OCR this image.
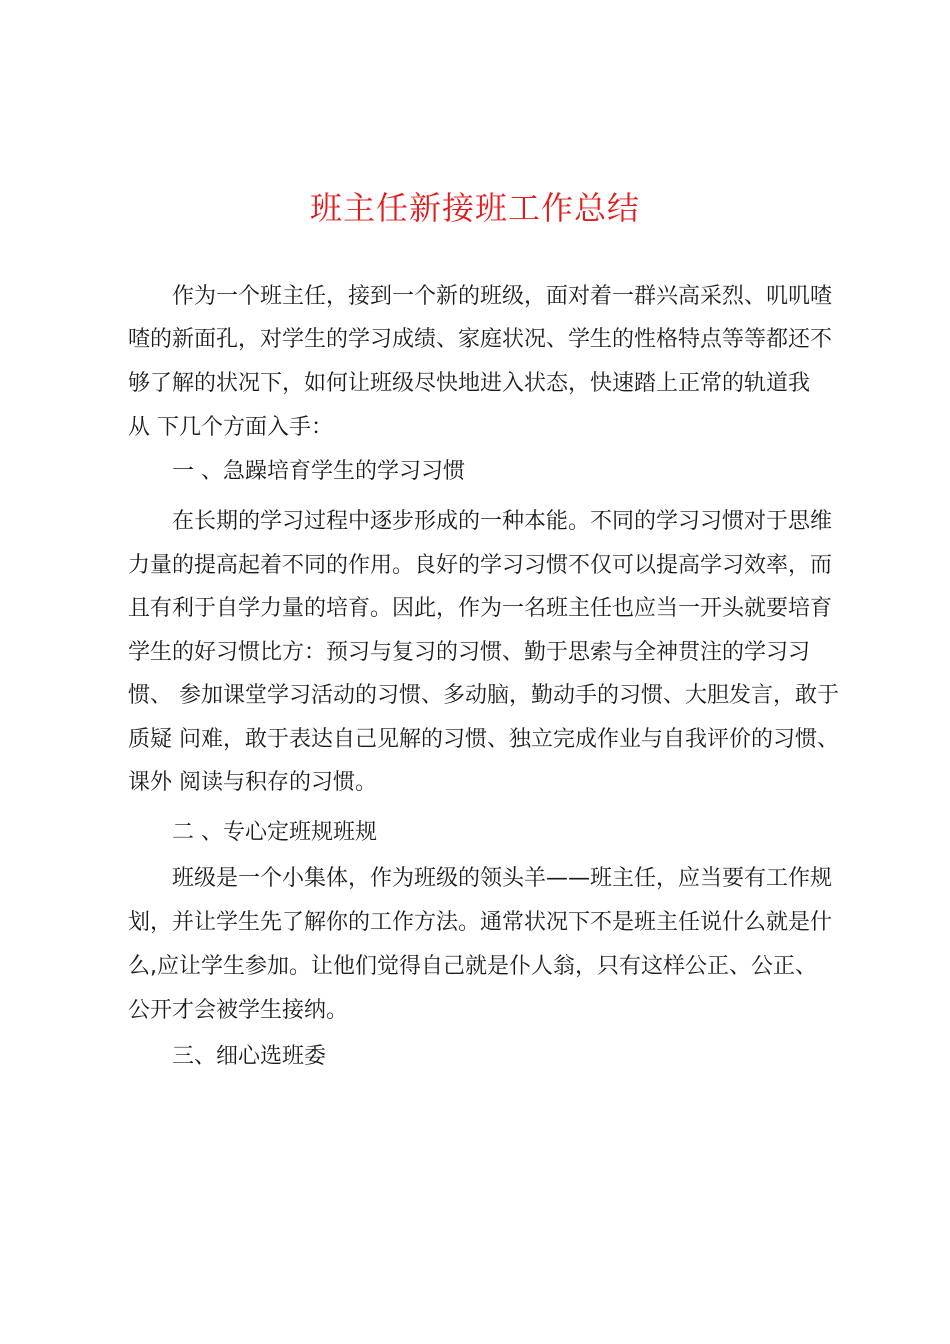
班主任新接班工作总结
作为一个班主任，接到一个新的班级，面对着一群兴高采烈、叽叽喳
喳的新面孔，对学生的学习成绩、家庭状况、学生的性格特点等等都还不
够了解的状况下，如何让班级尽快地进入状态，快速踏上正常的轨道我
从 下几个方面入手：
一 、急躁培育学生的学习习惯
在长期的学习过程中逐步形成的一种本能。不同的学习习惯对于思维
力量的提高起着不同的作用。良好的学习习惯不仅可以提高学习效率，而
且有利于自学力量的培育。因此，作为一名班主任也应当一开头就要培育
学生的好习惯比方：预习与复习的习惯、勤于思索与全神贯注的学习习
惯、 参加课堂学习活动的习惯、多动脑，勤动手的习惯、大胆发言，敢于
质疑 问难，敢于表达自己见解的习惯、独立完成作业与自我评价的习惯、
课外 阅读与积存的习惯。
二 、专心定班规班规
班级是一个小集体，作为班级的领头羊——班主任，应当要有工作规
划，并让学生先了解你的工作方法。通常状况下不是班主任说什么就是什
么,应让学生参加。让他们觉得自己就是仆人翁，只有这样公正、公正、
公开才会被学生接纳。
三、细心选班委
